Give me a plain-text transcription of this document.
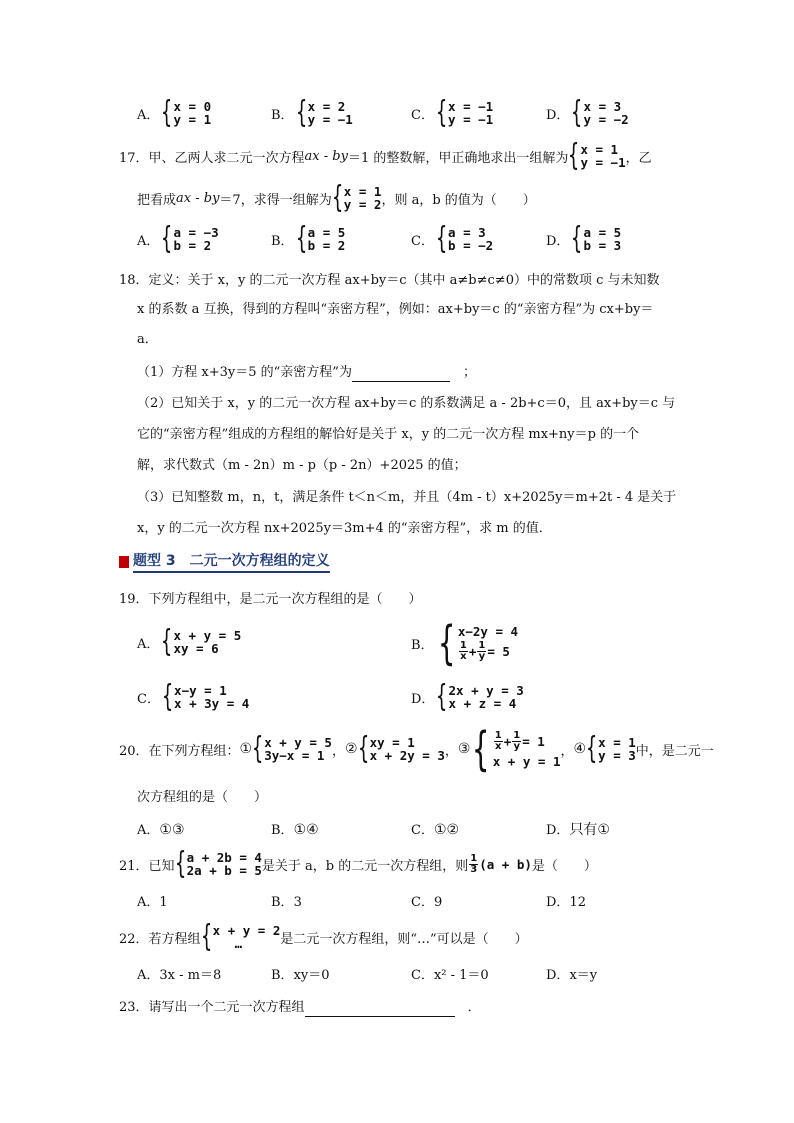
A． { x = 0
y = 1	B． { x = 2
y = −1	C． { x = −1
y = −1	D． { x = 3
y = −2
17．甲、乙两人求二元一次方程 ax - by ＝1 的整数解，甲正确地求出一组解为 { x = 1
y = −1 ，乙
把看成 ax - by ＝7，求得一组解为 { x = 1
y = 2 ，则 a，b 的值为（　　）
A． { a = −3
b = 2	B． { a = 5
b = 2	C． { a = 3
b = −2	D． { a = 5
b = 3
18．定义：关于 x，y 的二元一次方程 ax+by＝c（其中 a≠b≠c≠0）中的常数项 c 与未知数
x 的系数 a 互换，得到的方程叫“亲密方程”，例如：ax+by＝c 的“亲密方程”为 cx+by＝
a．
（1）方程 x+3y＝5 的“亲密方程”为　	；
（2）已知关于 x，y 的二元一次方程 ax+by＝c 的系数满足 a - 2b+c＝0，且 ax+by＝c 与
它的“亲密方程”组成的方程组的解恰好是关于 x，y 的二元一次方程 mx+ny＝p 的一个
解，求代数式（m - 2n）m - p（p - 2n）+2025 的值；
（3）已知整数 m，n，t，满足条件 t＜n＜m，并且（4m - t）x+2025y＝m+2t - 4 是关于
x，y 的二元一次方程 nx+2025y＝3m+4 的“亲密方程”，求 m 的值．
题型 3 二元一次方程组的定义
19．下列方程组中，是二元一次方程组的是（　　）
A． { x + y = 5
xy = 6	B． { x−2y = 4
$\frac{1}{x} + \frac{1}{y} = 5$
C． { x−y = 1
x + 3y = 4	D． { 2x + y = 3
x + z = 4
20．在下列方程组： ① { x + y = 5
3y−x = 1 ， ② { xy = 1
x + 2y = 3 ， ③ { $\frac{1}{x} + \frac{1}{y} = 1$
x + y = 1
， ④ { x = 1
y = 3 中，是二元一
次方程组的是（　　）
A．①③	B．①④	C．①②	D．只有①
21．已知 { a + 2b = 4
2a + b = 5 是关于 a，b 的二元一次方程组，则 $\frac{1}{3} (a + b)$ 是（　　）
A．1	B．3	C．9	D．12
22．若方程组 { x + y = 2
…	是二元一次方程组，则“…”可以是（　　）
A．3x - m＝8	B．xy＝0	C．x² - 1＝0	D．x＝y
23．请写出一个二元一次方程组　	．
